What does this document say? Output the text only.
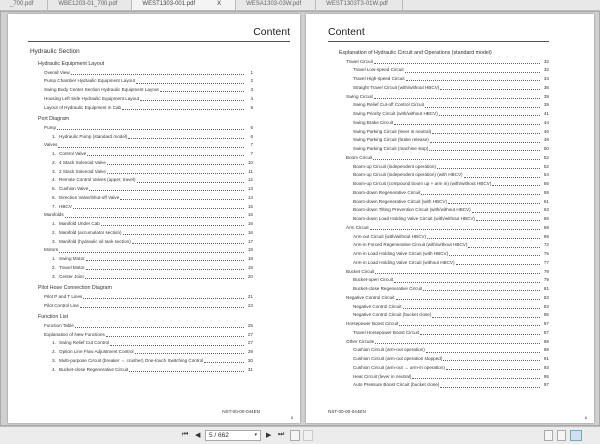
_700.pdf	WBE1203-01_700.pdf	WEST1303-001.pdf	X	WESA1303-03W.pdf	WEST1303T3-01W.pdf
Content
Hydraulic Section
Hydraulic Equipment Layout
Overall View	1
Pump Chamber Hydraulic Equipment Layout	2
Swing Body Center Section Hydraulic Equipment Layout	3
Housing Left Side Hydraulic Equipment Layout	4
Layout of Hydraulic Equipment in Cab	5
Port Diagram
Pump	6
1. Hydraulic Pump (standard model)	6
Valves	7
1. Control Valve	7
2. 4 Stack Solenoid Valve	10
3. 2 Stack Solenoid Valve	11
4. Remote Control Valves (upper, travel)	12
5. Cushion Valve	13
6. Direction Valve/Shut-off Valve	14
7. HBCV	15
Manifolds	16
1. Manifold Under Cab	16
2. Manifold (accumulator section)	16
3. Manifold (hydraulic oil tank section)	17
Motors	18
1. Swing Motor	18
2. Travel Motor	19
3. Center Joint	20
Pilot Hose Connection Diagram
Pilot P and T Lines	21
Pilot Control Line	23
Function List
Function Table	25
Explanation of New Functions	27
1. Swing Relief Cut Control	27
2. Option Line Flow Adjustment Control	29
3. Multi-purpose Circuit (breaker ⇔ crusher) One-touch Switching Control	30
4. Bucket-close Regenerative Circuit	31
NST-00-00-044EN
5
Content
Explanation of Hydraulic Circuit and Operations (standard model)
Travel Circuit	32
Travel Low-speed Circuit	32
Travel High-speed Circuit	34
Straight Travel Circuit (with/without HBCV)	36
Swing Circuit	39
Swing Relief Cut-off Control Circuit	39
Swing Priority Circuit (with/without HBCV)	41
Swing Brake Circuit	44
Swing Parking Circuit (lever in neutral)	46
Swing Parking Circuit (brake release)	48
Swing Parking Circuit (machine stop)	50
Boom Circuit	52
Boom-up Circuit (independent operation)	52
Boom-up Circuit (independent operation) (with HBCV)	54
Boom-up Circuit (compound boom up + arm in) (with/without HBCV)	56
Boom-down Regenerative Circuit	59
Boom-down Regenerative Circuit (with HBCV)	61
Boom-down Tilting Prevention Circuit (with/without HBCV)	63
Boom-down Load Holding Valve Circuit (with/without HBCV)	66
Arm Circuit	69
Arm-out Circuit (with/without HBCV)	69
Arm-in Forced Regenerative Circuit (with/without HBCV)	72
Arm-in Load Holding Valve Circuit (with HBCV)	75
Arm-in Load Holding Valve Circuit (without HBCV)	77
Bucket Circuit	79
Bucket-open Circuit	79
Bucket-close Regenerative Circuit	81
Negative Control Circuit	83
Negative Control Circuit	83
Negative Control Circuit (bucket close)	85
Horsepower Boost Circuit	87
Travel Horsepower Boost Circuit	87
Other Circuits	89
Cushion Circuit (arm-out operation)	89
Cushion Circuit (arm-out operation stopped)	91
Cushion Circuit (arm-out → arm-in operation)	93
Heat Circuit (lever in neutral)	95
Auto Pressure Boost Circuit (bucket close)	97
NST-00-00-044EN
6
⏮ ◀	5 / 662	▾ ▶ ⏭
